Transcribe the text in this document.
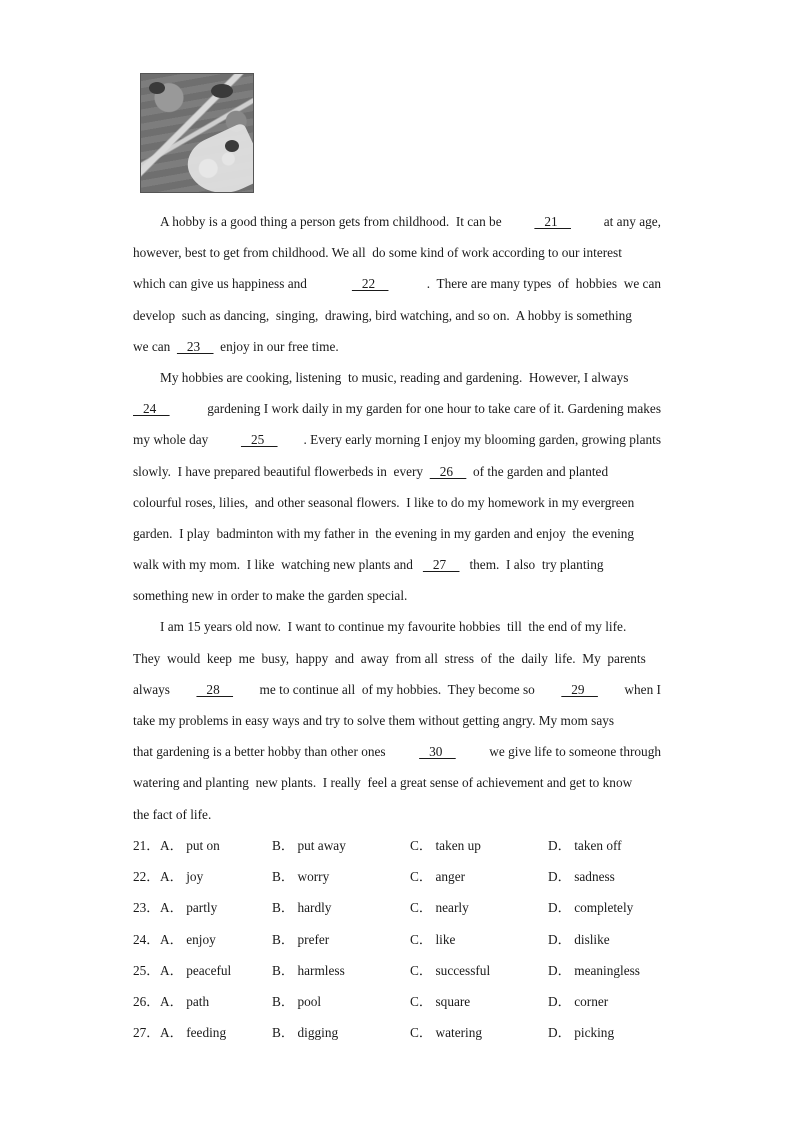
A hobby is a good thing a person gets from childhood.  It can be 21 at any age,
however, best to get from childhood. We all  do some kind of work according to our interest
which can give us happiness and	22	.  There are many types  of  hobbies  we can
develop  such as dancing,  singing,  drawing, bird watching, and so on.  A hobby is something
we can 23 enjoy in our free time.
My hobbies are cooking, listening  to music, reading and gardening.  However, I always
24 gardening I work daily in my garden for one hour to take care of it. Gardening makes
my whole day 25 . Every early morning I enjoy my blooming garden, growing plants
slowly.  I have prepared beautiful flowerbeds in  every 26 of the garden and planted
colourful roses, lilies,  and other seasonal flowers.  I like to do my homework in my evergreen
garden.  I play  badminton with my father in  the evening in my garden and enjoy  the evening
walk with my mom.  I like  watching new plants and 27 them.  I also  try planting
something new in order to make the garden special.
I am 15 years old now.  I want to continue my favourite hobbies  till  the end of my life.
They  would  keep  me  busy,  happy  and  away  from all  stress  of  the  daily  life.  My  parents
always 28 me to continue all  of my hobbies.  They become so 29 when I
take my problems in easy ways and try to solve them without getting angry. My mom says
that gardening is a better hobby than other ones 30 we give life to someone through
watering and planting  new plants.  I really  feel a great sense of achievement and get to know
the fact of life.
21． A． put on	B． put away	C． taken up	D． taken off
22． A． joy	B． worry	C． anger	D． sadness
23． A． partly	B． hardly	C． nearly	D． completely
24． A． enjoy	B． prefer	C． like	D． dislike
25． A． peaceful	B． harmless	C． successful	D． meaningless
26． A． path	B． pool	C． square	D． corner
27． A． feeding	B． digging	C． watering	D． picking
